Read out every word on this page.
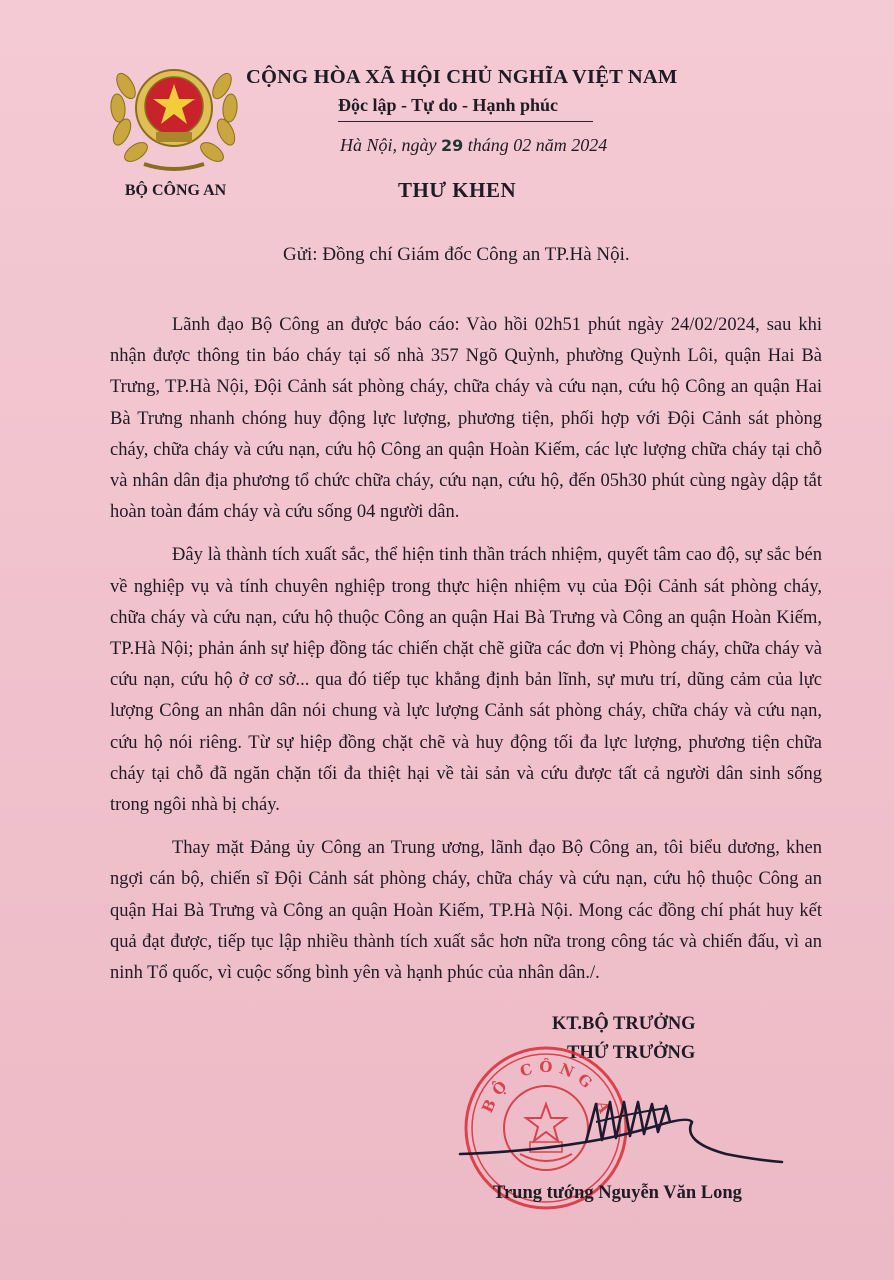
BỘ CÔNG AN
CỘNG HÒA XÃ HỘI CHỦ NGHĨA VIỆT NAM
Độc lập - Tự do - Hạnh phúc
Hà Nội, ngày 29 tháng 02 năm 2024
THƯ KHEN
Gửi: Đồng chí Giám đốc Công an TP.Hà Nội.

Lãnh đạo Bộ Công an được báo cáo: Vào hồi 02h51 phút ngày 24/02/2024, sau khi nhận được thông tin báo cháy tại số nhà 357 Ngõ Quỳnh, phường Quỳnh Lôi, quận Hai Bà Trưng, TP.Hà Nội, Đội Cảnh sát phòng cháy, chữa cháy và cứu nạn, cứu hộ Công an quận Hai Bà Trưng nhanh chóng huy động lực lượng, phương tiện, phối hợp với Đội Cảnh sát phòng cháy, chữa cháy và cứu nạn, cứu hộ Công an quận Hoàn Kiếm, các lực lượng chữa cháy tại chỗ và nhân dân địa phương tổ chức chữa cháy, cứu nạn, cứu hộ, đến 05h30 phút cùng ngày dập tắt hoàn toàn đám cháy và cứu sống 04 người dân.

Đây là thành tích xuất sắc, thể hiện tinh thần trách nhiệm, quyết tâm cao độ, sự sắc bén về nghiệp vụ và tính chuyên nghiệp trong thực hiện nhiệm vụ của Đội Cảnh sát phòng cháy, chữa cháy và cứu nạn, cứu hộ thuộc Công an quận Hai Bà Trưng và Công an quận Hoàn Kiếm, TP.Hà Nội; phản ánh sự hiệp đồng tác chiến chặt chẽ giữa các đơn vị Phòng cháy, chữa cháy và cứu nạn, cứu hộ ở cơ sở... qua đó tiếp tục khẳng định bản lĩnh, sự mưu trí, dũng cảm của lực lượng Công an nhân dân nói chung và lực lượng Cảnh sát phòng cháy, chữa cháy và cứu nạn, cứu hộ nói riêng. Từ sự hiệp đồng chặt chẽ và huy động tối đa lực lượng, phương tiện chữa cháy tại chỗ đã ngăn chặn tối đa thiệt hại về tài sản và cứu được tất cả người dân sinh sống trong ngôi nhà bị cháy.

Thay mặt Đảng ủy Công an Trung ương, lãnh đạo Bộ Công an, tôi biểu dương, khen ngợi cán bộ, chiến sĩ Đội Cảnh sát phòng cháy, chữa cháy và cứu nạn, cứu hộ thuộc Công an quận Hai Bà Trưng và Công an quận Hoàn Kiếm, TP.Hà Nội. Mong các đồng chí phát huy kết quả đạt được, tiếp tục lập nhiều thành tích xuất sắc hơn nữa trong công tác và chiến đấu, vì an ninh Tổ quốc, vì cuộc sống bình yên và hạnh phúc của nhân dân./.

KT.BỘ TRƯỞNG
THỨ TRƯỞNG
BỘ CÔNG A
Trung tướng Nguyễn Văn Long
